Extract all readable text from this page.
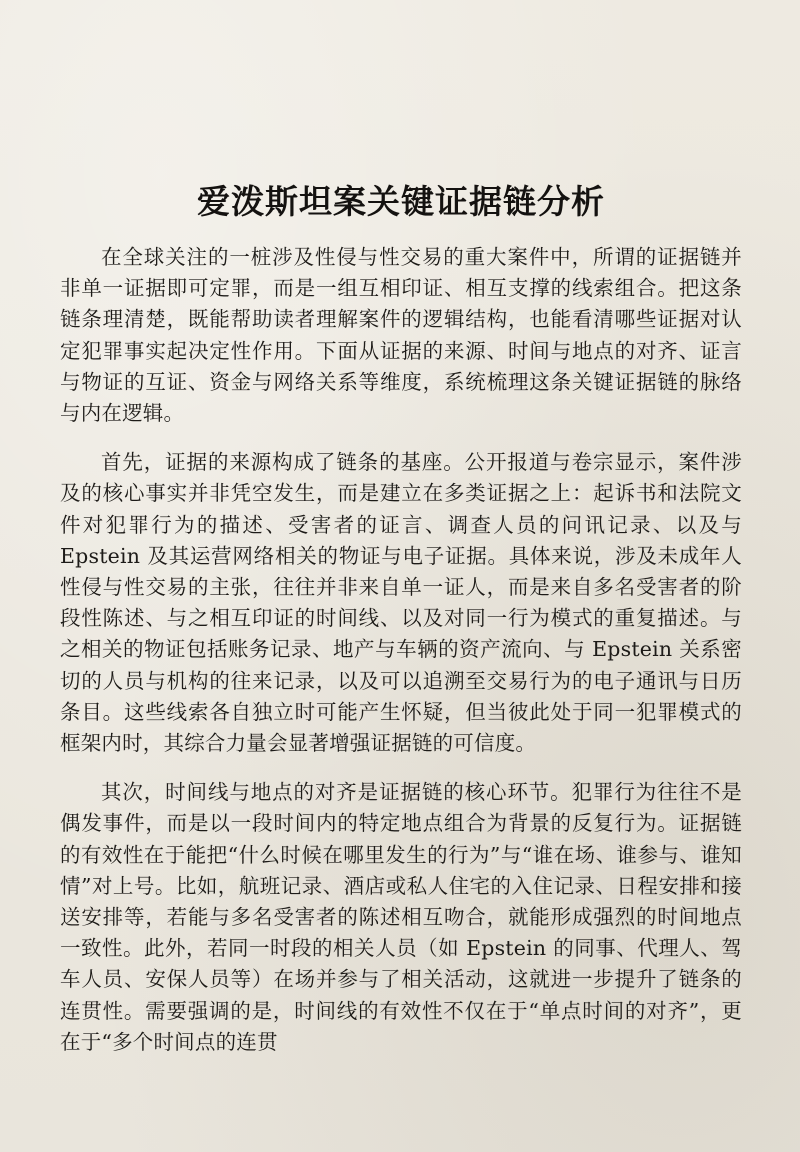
爱泼斯坦案关键证据链分析

在全球关注的一桩涉及性侵与性交易的重大案件中，所谓的证据链并非单一证据即可定罪，而是一组互相印证、相互支撑的线索组合。把这条链条理清楚，既能帮助读者理解案件的逻辑结构，也能看清哪些证据对认定犯罪事实起决定性作用。下面从证据的来源、时间与地点的对齐、证言与物证的互证、资金与网络关系等维度，系统梳理这条关键证据链的脉络与内在逻辑。

首先，证据的来源构成了链条的基座。公开报道与卷宗显示，案件涉及的核心事实并非凭空发生，而是建立在多类证据之上：起诉书和法院文件对犯罪行为的描述、受害者的证言、调查人员的问讯记录、以及与 Epstein 及其运营网络相关的物证与电子证据。具体来说，涉及未成年人性侵与性交易的主张，往往并非来自单一证人，而是来自多名受害者的阶段性陈述、与之相互印证的时间线、以及对同一行为模式的重复描述。与之相关的物证包括账务记录、地产与车辆的资产流向、与 Epstein 关系密切的人员与机构的往来记录，以及可以追溯至交易行为的电子通讯与日历条目。这些线索各自独立时可能产生怀疑，但当彼此处于同一犯罪模式的框架内时，其综合力量会显著增强证据链的可信度。

其次，时间线与地点的对齐是证据链的核心环节。犯罪行为往往不是偶发事件，而是以一段时间内的特定地点组合为背景的反复行为。证据链的有效性在于能把“什么时候在哪里发生的行为”与“谁在场、谁参与、谁知情”对上号。比如，航班记录、酒店或私人住宅的入住记录、日程安排和接送安排等，若能与多名受害者的陈述相互吻合，就能形成强烈的时间地点一致性。此外，若同一时段的相关人员（如 Epstein 的同事、代理人、驾车人员、安保人员等）在场并参与了相关活动，这就进一步提升了链条的连贯性。需要强调的是，时间线的有效性不仅在于“单点时间的对齐”，更在于“多个时间点的连贯
